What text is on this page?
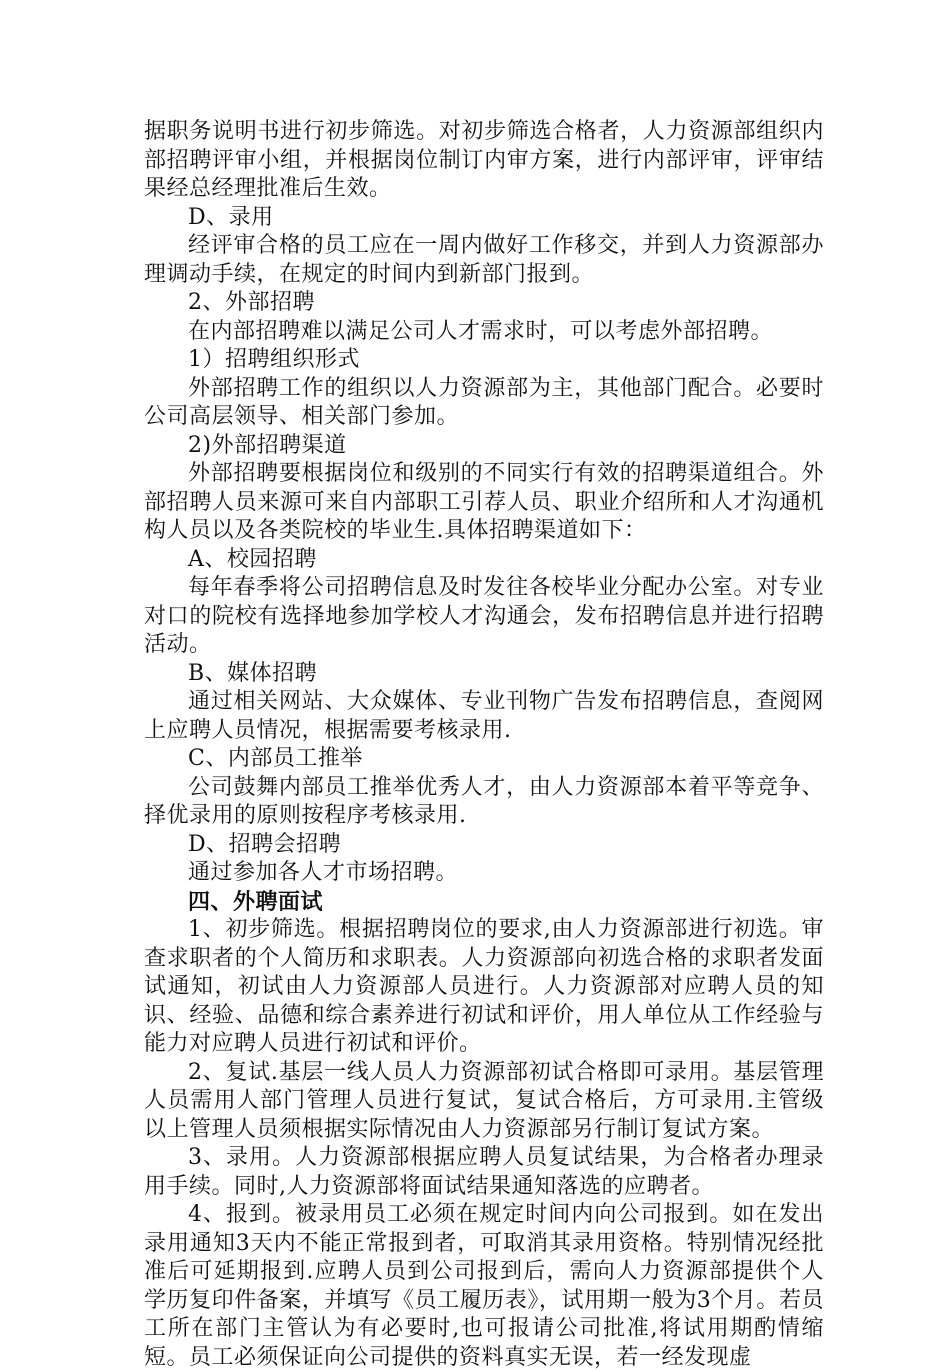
据职务说明书进行初步筛选。对初步筛选合格者，人力资源部组织内部招聘评审小组，并根据岗位制订内审方案，进行内部评审，评审结果经总经理批准后生效。

D、录用

经评审合格的员工应在一周内做好工作移交，并到人力资源部办理调动手续，在规定的时间内到新部门报到。

2、外部招聘

在内部招聘难以满足公司人才需求时，可以考虑外部招聘。

1）招聘组织形式

外部招聘工作的组织以人力资源部为主，其他部门配合。必要时公司高层领导、相关部门参加。

2)外部招聘渠道

外部招聘要根据岗位和级别的不同实行有效的招聘渠道组合。外部招聘人员来源可来自内部职工引荐人员、职业介绍所和人才沟通机构人员以及各类院校的毕业生.具体招聘渠道如下：

A、校园招聘

每年春季将公司招聘信息及时发往各校毕业分配办公室。对专业对口的院校有选择地参加学校人才沟通会，发布招聘信息并进行招聘活动。

B、媒体招聘

通过相关网站、大众媒体、专业刊物广告发布招聘信息，查阅网上应聘人员情况，根据需要考核录用.

C、内部员工推举

公司鼓舞内部员工推举优秀人才，由人力资源部本着平等竞争、择优录用的原则按程序考核录用.

D、招聘会招聘

通过参加各人才市场招聘。

四、外聘面试

1、初步筛选。根据招聘岗位的要求,由人力资源部进行初选。审查求职者的个人简历和求职表。人力资源部向初选合格的求职者发面试通知，初试由人力资源部人员进行。人力资源部对应聘人员的知识、经验、品德和综合素养进行初试和评价，用人单位从工作经验与能力对应聘人员进行初试和评价。

2、复试.基层一线人员人力资源部初试合格即可录用。基层管理人员需用人部门管理人员进行复试，复试合格后，方可录用.主管级以上管理人员须根据实际情况由人力资源部另行制订复试方案。

3、录用。人力资源部根据应聘人员复试结果，为合格者办理录用手续。同时,人力资源部将面试结果通知落选的应聘者。

4、报到。被录用员工必须在规定时间内向公司报到。如在发出录用通知3天内不能正常报到者，可取消其录用资格。特别情况经批准后可延期报到.应聘人员到公司报到后，需向人力资源部提供个人学历复印件备案，并填写《员工履历表》，试用期一般为3个月。若员工所在部门主管认为有必要时,也可报请公司批准,将试用期酌情缩短。员工必须保证向公司提供的资料真实无误，若一经发现虚
